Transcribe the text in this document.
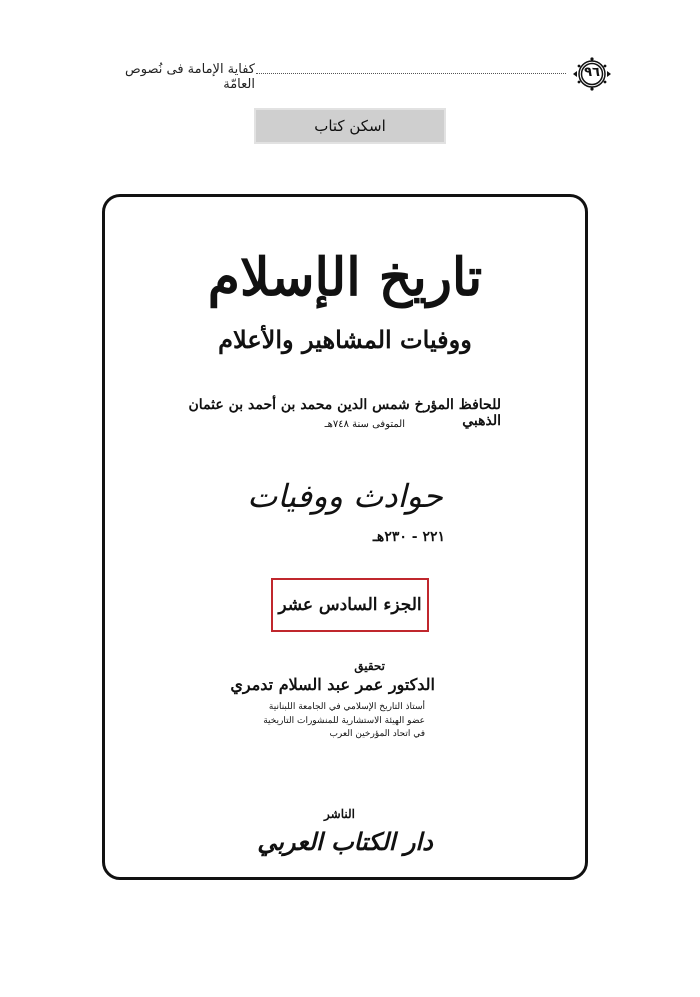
كفاية الإمامة فى نُصوص العامّة
٩٦
اسكن كتاب
تاريخ الإسلام
ووفيات المشاهير والأعلام
للحافظ المؤرخ شمس الدين محمد بن أحمد بن عثمان الذهبي
المتوفى سنة ٧٤٨هـ
حوادث ووفيات
٢٢١ - ٢٣٠هـ
الجزء السادس عشر
تحقيق
الدكتور عمر عبد السلام تدمري
أستاذ التاريخ الإسلامي في الجامعة اللبنانية
عضو الهيئة الاستشارية للمنشورات التاريخية
في اتحاد المؤرخين العرب
الناشر
دار الكتاب العربي
